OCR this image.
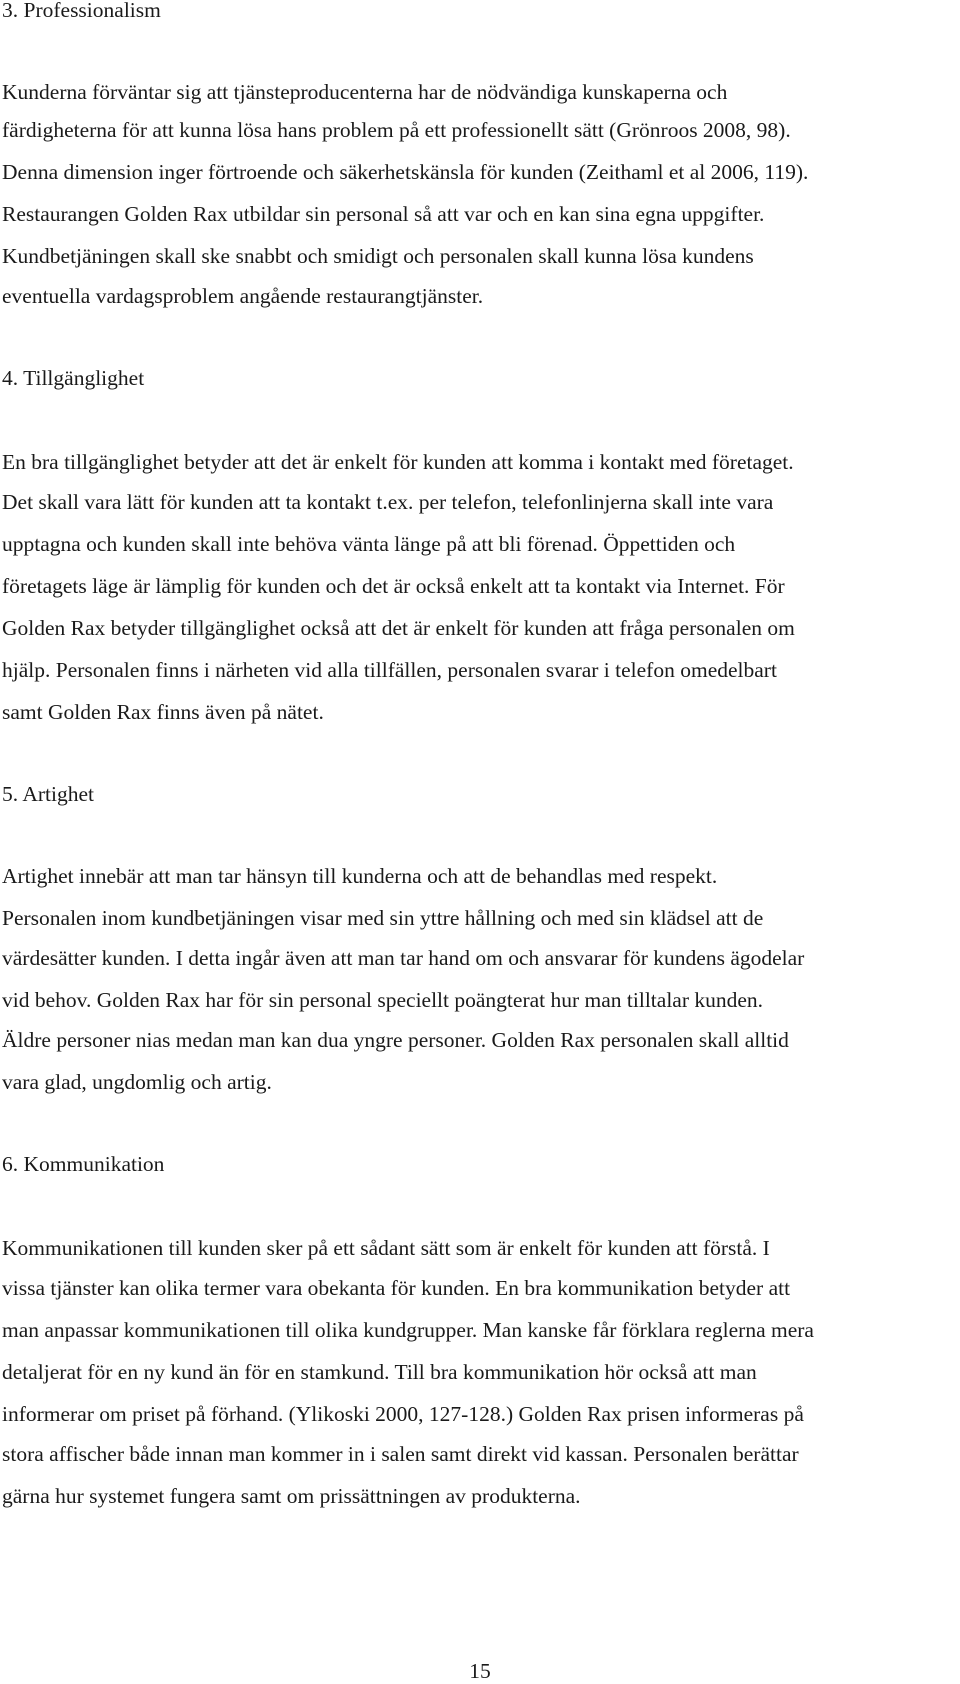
3. Professionalism
Kunderna förväntar sig att tjänsteproducenterna har de nödvändiga kunskaperna och
färdigheterna för att kunna lösa hans problem på ett professionellt sätt (Grönroos 2008, 98).
Denna dimension inger förtroende och säkerhetskänsla för kunden (Zeithaml et al 2006, 119).
Restaurangen Golden Rax utbildar sin personal så att var och en kan sina egna uppgifter.
Kundbetjäningen skall ske snabbt och smidigt och personalen skall kunna lösa kundens
eventuella vardagsproblem angående restaurangtjänster.
4. Tillgänglighet
En bra tillgänglighet betyder att det är enkelt för kunden att komma i kontakt med företaget.
Det skall vara lätt för kunden att ta kontakt t.ex. per telefon, telefonlinjerna skall inte vara
upptagna och kunden skall inte behöva vänta länge på att bli förenad. Öppettiden och
företagets läge är lämplig för kunden och det är också enkelt att ta kontakt via Internet. För
Golden Rax betyder tillgänglighet också att det är enkelt för kunden att fråga personalen om
hjälp. Personalen finns i närheten vid alla tillfällen, personalen svarar i telefon omedelbart
samt Golden Rax finns även på nätet.
5. Artighet
Artighet innebär att man tar hänsyn till kunderna och att de behandlas med respekt.
Personalen inom kundbetjäningen visar med sin yttre hållning och med sin klädsel att de
värdesätter kunden. I detta ingår även att man tar hand om och ansvarar för kundens ägodelar
vid behov. Golden Rax har för sin personal speciellt poängterat hur man tilltalar kunden.
Äldre personer nias medan man kan dua yngre personer. Golden Rax personalen skall alltid
vara glad, ungdomlig och artig.
6. Kommunikation
Kommunikationen till kunden sker på ett sådant sätt som är enkelt för kunden att förstå. I
vissa tjänster kan olika termer vara obekanta för kunden. En bra kommunikation betyder att
man anpassar kommunikationen till olika kundgrupper. Man kanske får förklara reglerna mera
detaljerat för en ny kund än för en stamkund. Till bra kommunikation hör också att man
informerar om priset på förhand. (Ylikoski 2000, 127-128.) Golden Rax prisen informeras på
stora affischer både innan man kommer in i salen samt direkt vid kassan. Personalen berättar
gärna hur systemet fungera samt om prissättningen av produkterna.
15
